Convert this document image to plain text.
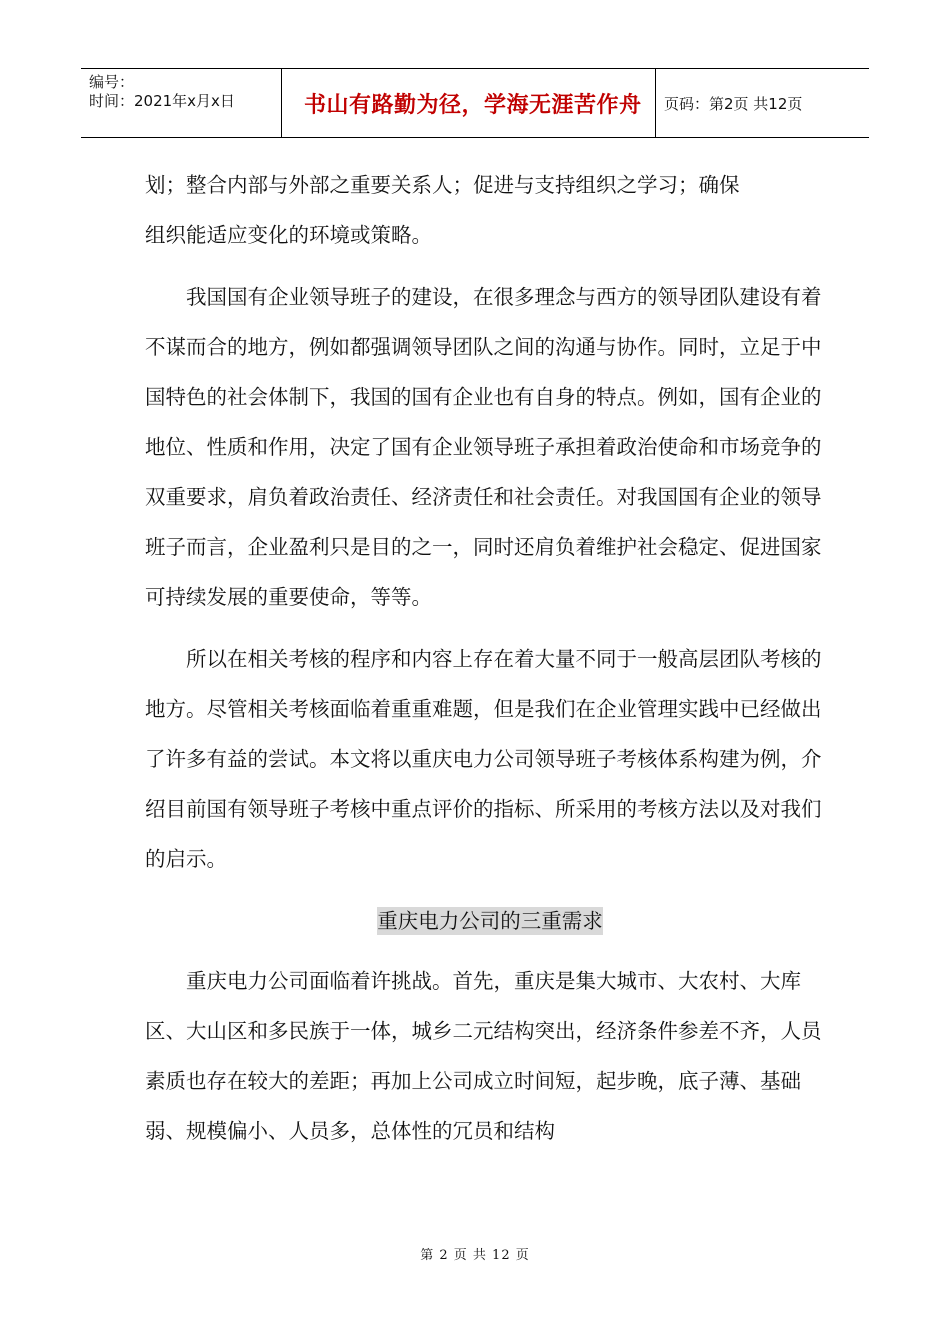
编号：
时间：2021年x月x日	书山有路勤为径，学海无涯苦作舟	页码：第2页 共12页

划；整合内部与外部之重要关系人；促进与支持组织之学习；确保

组织能适应变化的环境或策略。

我国国有企业领导班子的建设，在很多理念与西方的领导团队建设有着不谋而合的地方，例如都强调领导团队之间的沟通与协作。同时，立足于中国特色的社会体制下，我国的国有企业也有自身的特点。例如，国有企业的地位、性质和作用，决定了国有企业领导班子承担着政治使命和市场竞争的双重要求，肩负着政治责任、经济责任和社会责任。对我国国有企业的领导班子而言，企业盈利只是目的之一，同时还肩负着维护社会稳定、促进国家可持续发展的重要使命，等等。

所以在相关考核的程序和内容上存在着大量不同于一般高层团队考核的地方。尽管相关考核面临着重重难题，但是我们在企业管理实践中已经做出了许多有益的尝试。本文将以重庆电力公司领导班子考核体系构建为例，介绍目前国有领导班子考核中重点评价的指标、所采用的考核方法以及对我们的启示。

重庆电力公司的三重需求

重庆电力公司面临着许挑战。首先，重庆是集大城市、大农村、大库区、大山区和多民族于一体，城乡二元结构突出，经济条件参差不齐，人员素质也存在较大的差距；再加上公司成立时间短，起步晚，底子薄、基础弱、规模偏小、人员多，总体性的冗员和结构

第 2 页 共 12 页
